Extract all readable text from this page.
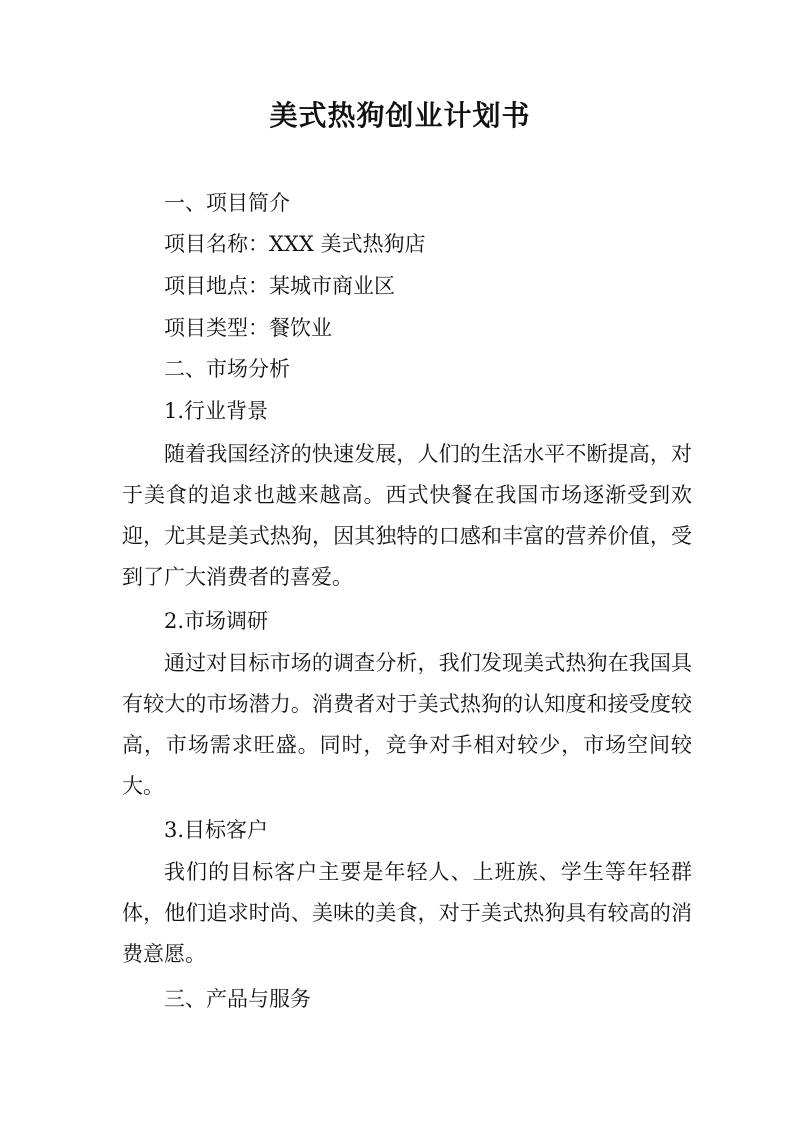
美式热狗创业计划书
一、项目简介
项目名称：XXX 美式热狗店
项目地点：某城市商业区
项目类型：餐饮业
二、市场分析
1.行业背景
随着我国经济的快速发展，人们的生活水平不断提高，对于美食的追求也越来越高。西式快餐在我国市场逐渐受到欢迎，尤其是美式热狗，因其独特的口感和丰富的营养价值，受到了广大消费者的喜爱。
2.市场调研
通过对目标市场的调查分析，我们发现美式热狗在我国具有较大的市场潜力。消费者对于美式热狗的认知度和接受度较高，市场需求旺盛。同时，竞争对手相对较少，市场空间较大。
3.目标客户
我们的目标客户主要是年轻人、上班族、学生等年轻群体，他们追求时尚、美味的美食，对于美式热狗具有较高的消费意愿。
三、产品与服务
